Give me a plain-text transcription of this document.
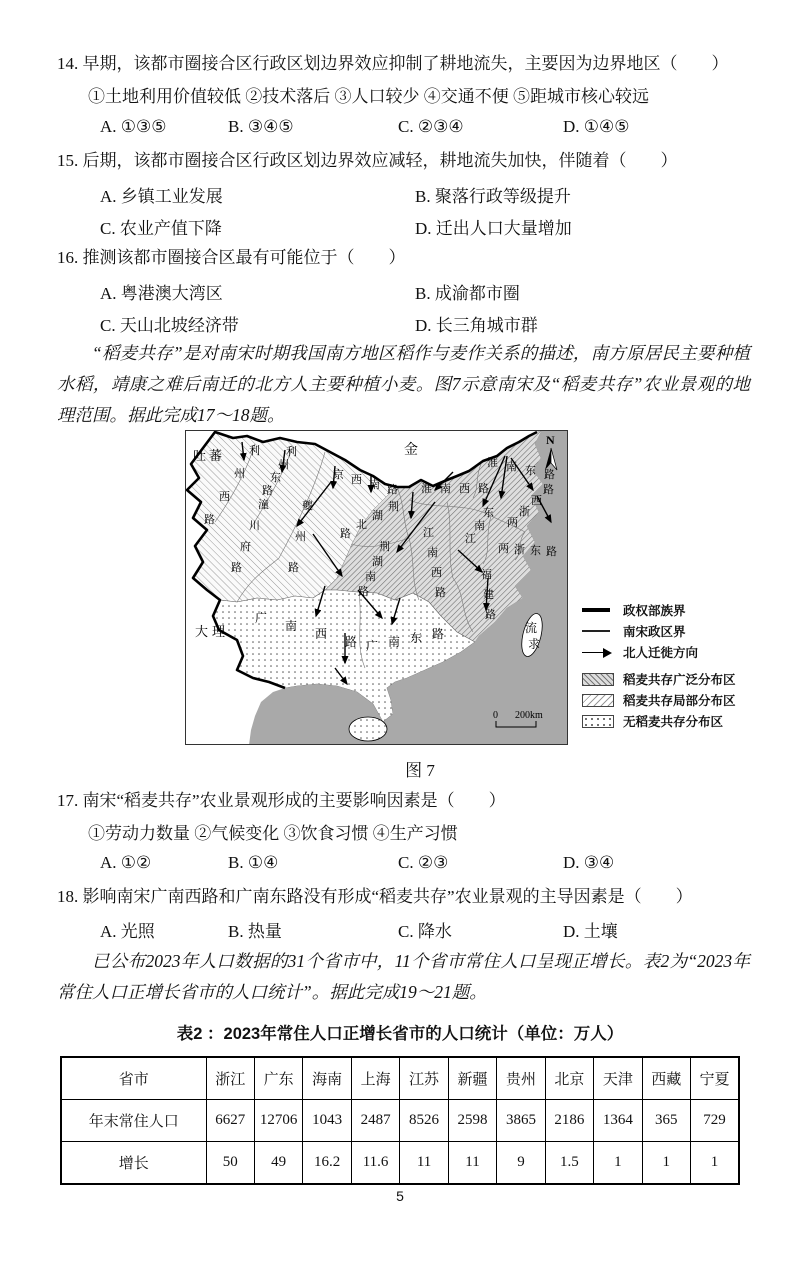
14. 早期，该都市圈接合区行政区划边界效应抑制了耕地流失，主要因为边界地区（　　）
①土地利用价值较低 ②技术落后 ③人口较少 ④交通不便 ⑤距城市核心较远
A. ①③⑤	B. ③④⑤	C. ②③④	D. ①④⑤
15. 后期，该都市圈接合区行政区划边界效应减轻，耕地流失加快，伴随着（　　）
A. 乡镇工业发展	B. 聚落行政等级提升
C. 农业产值下降	D. 迁出人口大量增加
16. 推测该都市圈接合区最有可能位于（　　）
A. 粤港澳大湾区	B. 成渝都市圈
C. 天山北坡经济带	D. 长三角城市群
“稻麦共存”是对南宋时期我国南方地区稻作与麦作关系的描述，南方原居民主要种植水稻，靖康之难后南迁的北方人主要种植小麦。图7示意南宋及“稻麦共存”农业景观的地理范围。据此完成17～18题。
吐 蕃	金
大 理	流
求
利
州
西
路
利
州
东
路
潼
川
府
路
夔
州
路
京 西 南 路
荆
湖
北
路
荆
湖
南
路
淮 南 西 路
淮 南 东 路
两
浙
西
路
两 浙 东 路
江
南
西
路
江
南
东
福
建
路
广
南
西
路 广 南 东 路
N
0 200km
政权部族界
南宋政区界
北人迁徙方向
稻麦共存广泛分布区
稻麦共存局部分布区
无稻麦共存分布区
图 7
17. 南宋“稻麦共存”农业景观形成的主要影响因素是（　　）
①劳动力数量 ②气候变化 ③饮食习惯 ④生产习惯
A. ①②	B. ①④	C. ②③	D. ③④
18. 影响南宋广南西路和广南东路没有形成“稻麦共存”农业景观的主导因素是（　　）
A. 光照	B. 热量	C. 降水	D. 土壤
已公布2023年人口数据的31个省市中，11个省市常住人口呈现正增长。表2为“2023年常住人口正增长省市的人口统计”。据此完成19～21题。
表2 ：2023年常住人口正增长省市的人口统计（单位：万人）
省市	浙江	广东	海南	上海	江苏	新疆	贵州	北京	天津	西藏	宁夏
年末常住人口	6627	12706	1043	2487	8526	2598	3865	2186	1364	365	729
增长	50	49	16.2	11.6	11	11	9	1.5	1	1	1
5
